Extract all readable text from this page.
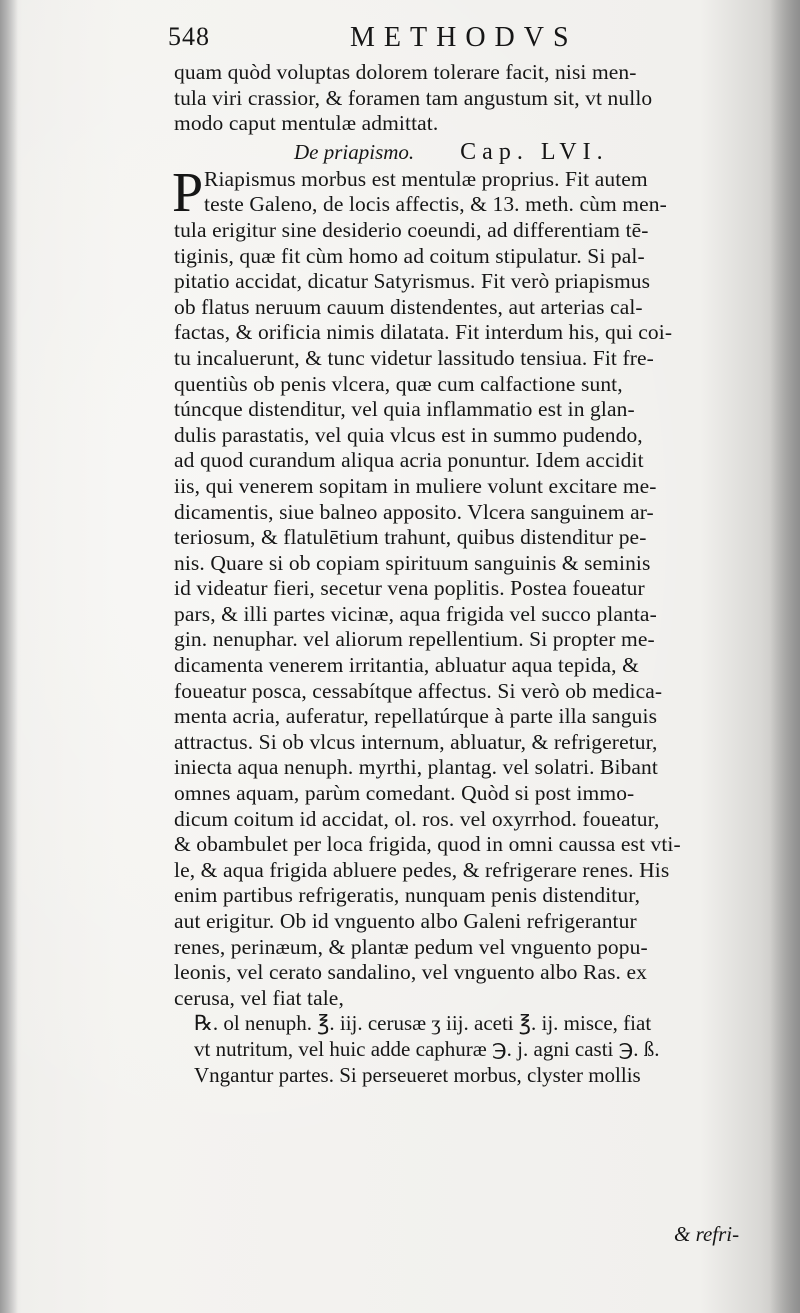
548	METHODVS
quam quòd voluptas dolorem tolerare facit, nisi men-
tula viri crassior, & foramen tam angustum sit, vt nullo
modo caput mentulæ admittat.
De priapismo. Cap. LVI.
P Riapismus morbus est mentulæ proprius. Fit autem
teste Galeno, de locis affectis, & 13. meth. cùm men-
tula erigitur sine desiderio coeundi, ad differentiam tē-
tiginis, quæ fit cùm homo ad coitum stipulatur. Si pal-
pitatio accidat, dicatur Satyrismus. Fit verò priapismus
ob flatus neruum cauum distendentes, aut arterias cal-
factas, & orificia nimis dilatata. Fit interdum his, qui coi-
tu incaluerunt, & tunc videtur lassitudo tensiua. Fit fre-
quentiùs ob penis vlcera, quæ cum calfactione sunt,
túncque distenditur, vel quia inflammatio est in glan-
dulis parastatis, vel quia vlcus est in summo pudendo,
ad quod curandum aliqua acria ponuntur. Idem accidit
iis, qui venerem sopitam in muliere volunt excitare me-
dicamentis, siue balneo apposito. Vlcera sanguinem ar-
teriosum, & flatulētium trahunt, quibus distenditur pe-
nis. Quare si ob copiam spirituum sanguinis & seminis
id videatur fieri, secetur vena poplitis. Postea foueatur
pars, & illi partes vicinæ, aqua frigida vel succo planta-
gin. nenuphar. vel aliorum repellentium. Si propter me-
dicamenta venerem irritantia, abluatur aqua tepida, &
foueatur posca, cessabítque affectus. Si verò ob medica-
menta acria, auferatur, repellatúrque à parte illa sanguis
attractus. Si ob vlcus internum, abluatur, & refrigeretur,
iniecta aqua nenuph. myrthi, plantag. vel solatri. Bibant
omnes aquam, parùm comedant. Quòd si post immo-
dicum coitum id accidat, ol. ros. vel oxyrrhod. foueatur,
& obambulet per loca frigida, quod in omni caussa est vti-
le, & aqua frigida abluere pedes, & refrigerare renes. His
enim partibus refrigeratis, nunquam penis distenditur,
aut erigitur. Ob id vnguento albo Galeni refrigerantur
renes, perinæum, & plantæ pedum vel vnguento popu-
leonis, vel cerato sandalino, vel vnguento albo Ras. ex
cerusa, vel fiat tale,
℞. ol nenuph. ℥. iij. cerusæ ʒ iij. aceti ℥. ij. misce, fiat
vt nutritum, vel huic adde caphuræ ℈. j. agni casti ℈. ß.
Vngantur partes. Si perseueret morbus, clyster mollis
& refri-
